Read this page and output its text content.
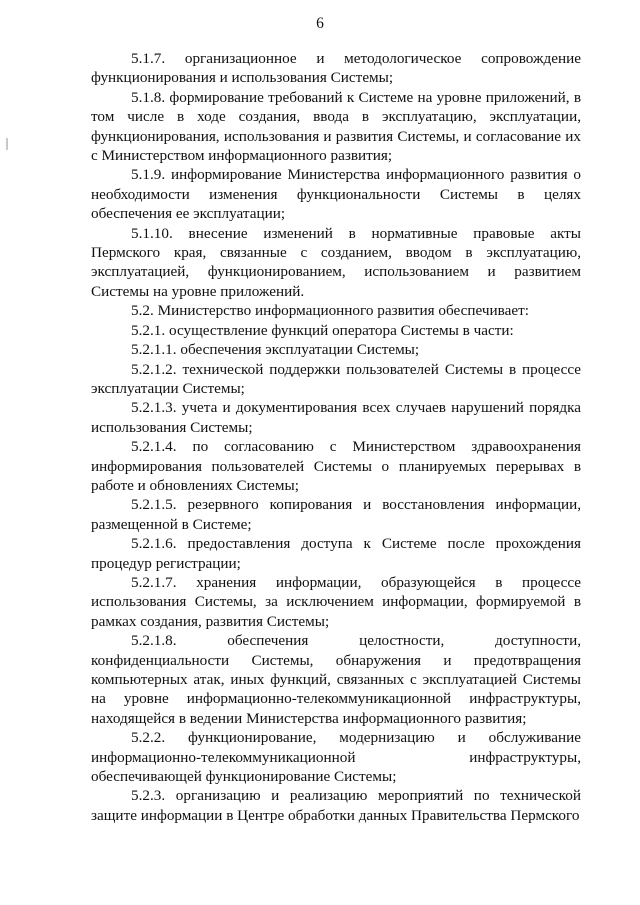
6

5.1.7. организационное и методологическое сопровождение функционирования и использования Системы;

5.1.8. формирование требований к Системе на уровне приложений, в том числе в ходе создания, ввода в эксплуатацию, эксплуатации, функционирования, использования и развития Системы, и согласование их с Министерством информационного развития;

5.1.9. информирование Министерства информационного развития о необходимости изменения функциональности Системы в целях обеспечения ее эксплуатации;

5.1.10. внесение изменений в нормативные правовые акты Пермского края, связанные с созданием, вводом в эксплуатацию, эксплуатацией, функционированием, использованием и развитием Системы на уровне приложений.

5.2. Министерство информационного развития обеспечивает:

5.2.1. осуществление функций оператора Системы в части:

5.2.1.1. обеспечения эксплуатации Системы;

5.2.1.2. технической поддержки пользователей Системы в процессе эксплуатации Системы;

5.2.1.3. учета и документирования всех случаев нарушений порядка использования Системы;

5.2.1.4. по согласованию с Министерством здравоохранения информирования пользователей Системы о планируемых перерывах в работе и обновлениях Системы;

5.2.1.5. резервного копирования и восстановления информации, размещенной в Системе;

5.2.1.6. предоставления доступа к Системе после прохождения процедур регистрации;

5.2.1.7. хранения информации, образующейся в процессе использования Системы, за исключением информации, формируемой в рамках создания, развития Системы;

5.2.1.8. обеспечения целостности, доступности, конфиденциальности Системы, обнаружения и предотвращения компьютерных атак, иных функций, связанных с эксплуатацией Системы на уровне информационно-телекоммуникационной инфраструктуры, находящейся в ведении Министерства информационного развития;

5.2.2. функционирование, модернизацию и обслуживание информационно-телекоммуникационной инфраструктуры, обеспечивающей функционирование Системы;

5.2.3. организацию и реализацию мероприятий по технической защите информации в Центре обработки данных Правительства Пермского
